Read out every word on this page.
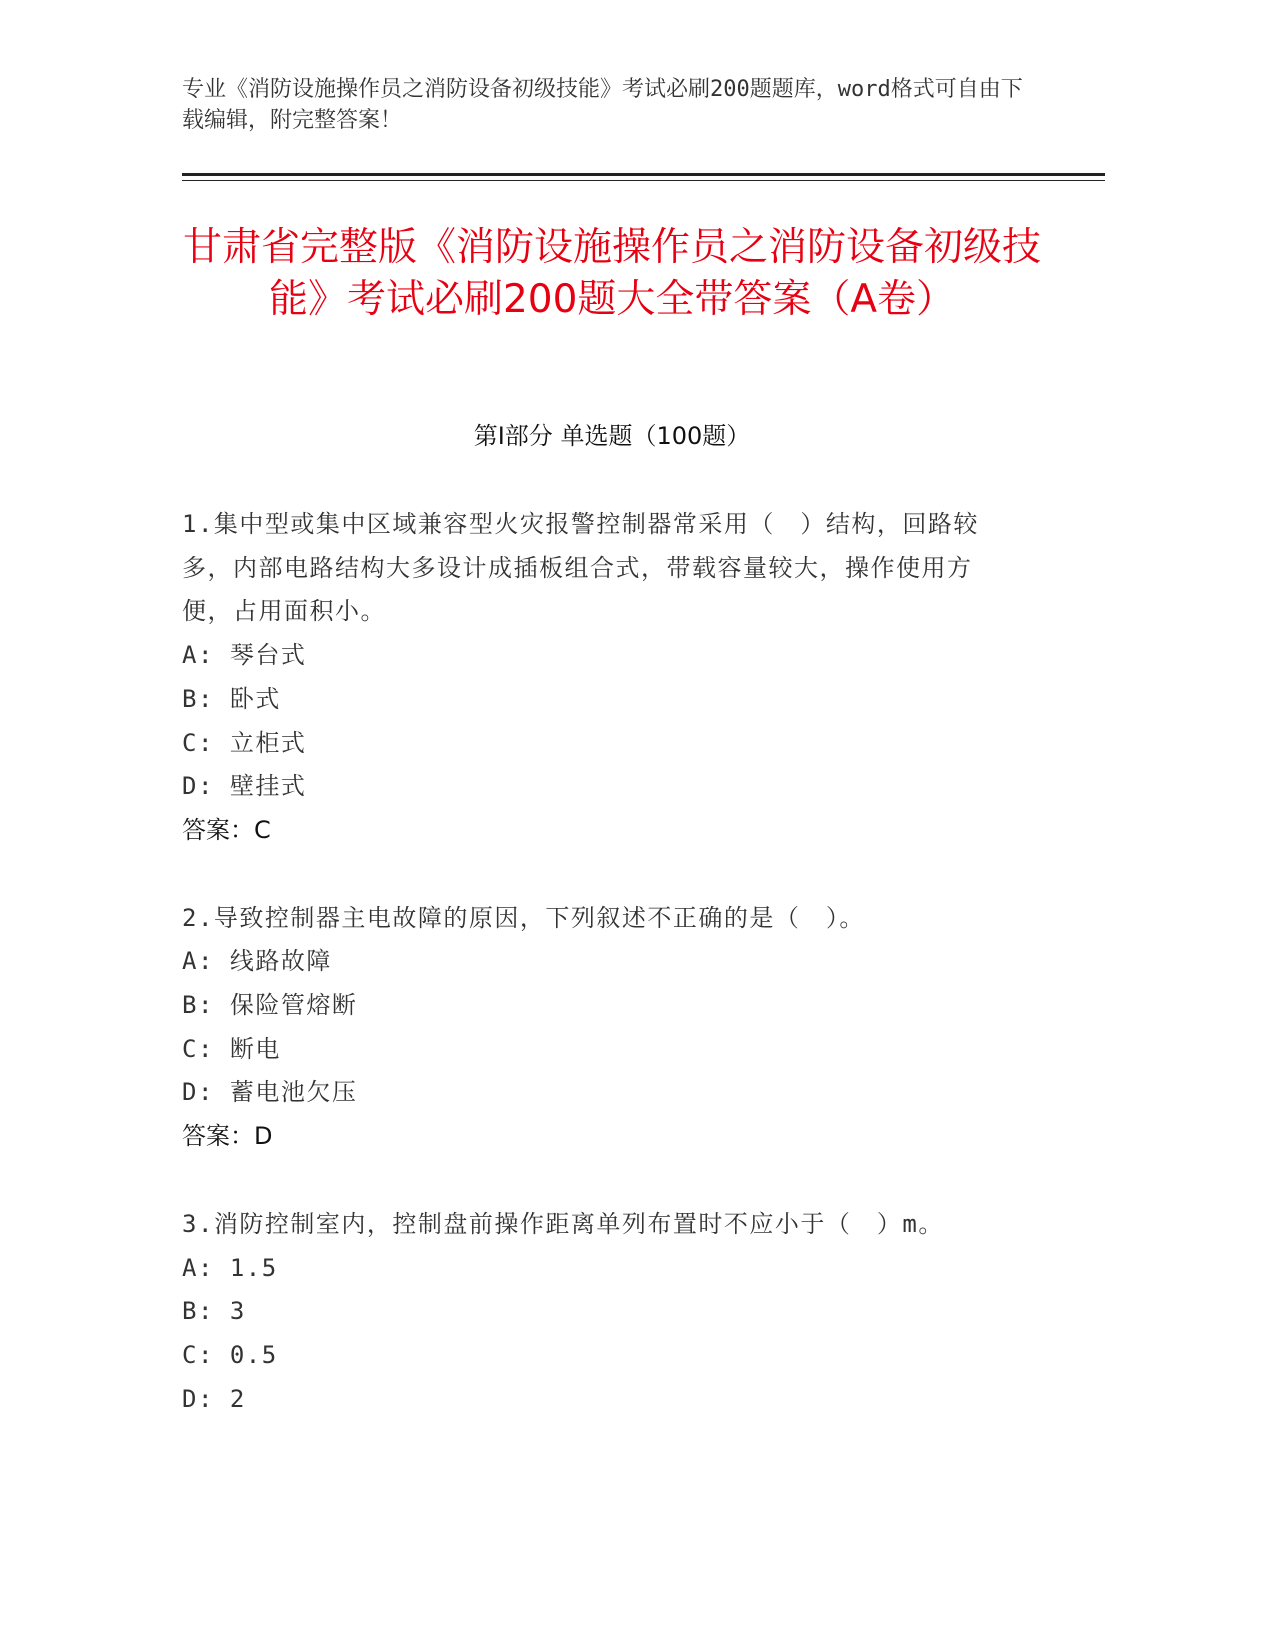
专业《消防设施操作员之消防设备初级技能》考试必刷200题题库，word格式可自由下载编辑，附完整答案！
甘肃省完整版《消防设施操作员之消防设备初级技能》考试必刷200题大全带答案（A卷）
第Ⅰ部分 单选题（100题）
1.集中型或集中区域兼容型火灾报警控制器常采用（　）结构，回路较多，内部电路结构大多设计成插板组合式，带载容量较大，操作使用方便，占用面积小。
A: 琴台式
B: 卧式
C: 立柜式
D: 壁挂式
答案：C
2.导致控制器主电故障的原因，下列叙述不正确的是（　）。
A: 线路故障
B: 保险管熔断
C: 断电
D: 蓄电池欠压
答案：D
3.消防控制室内，控制盘前操作距离单列布置时不应小于（　）m。
A: 1.5
B: 3
C: 0.5
D: 2
